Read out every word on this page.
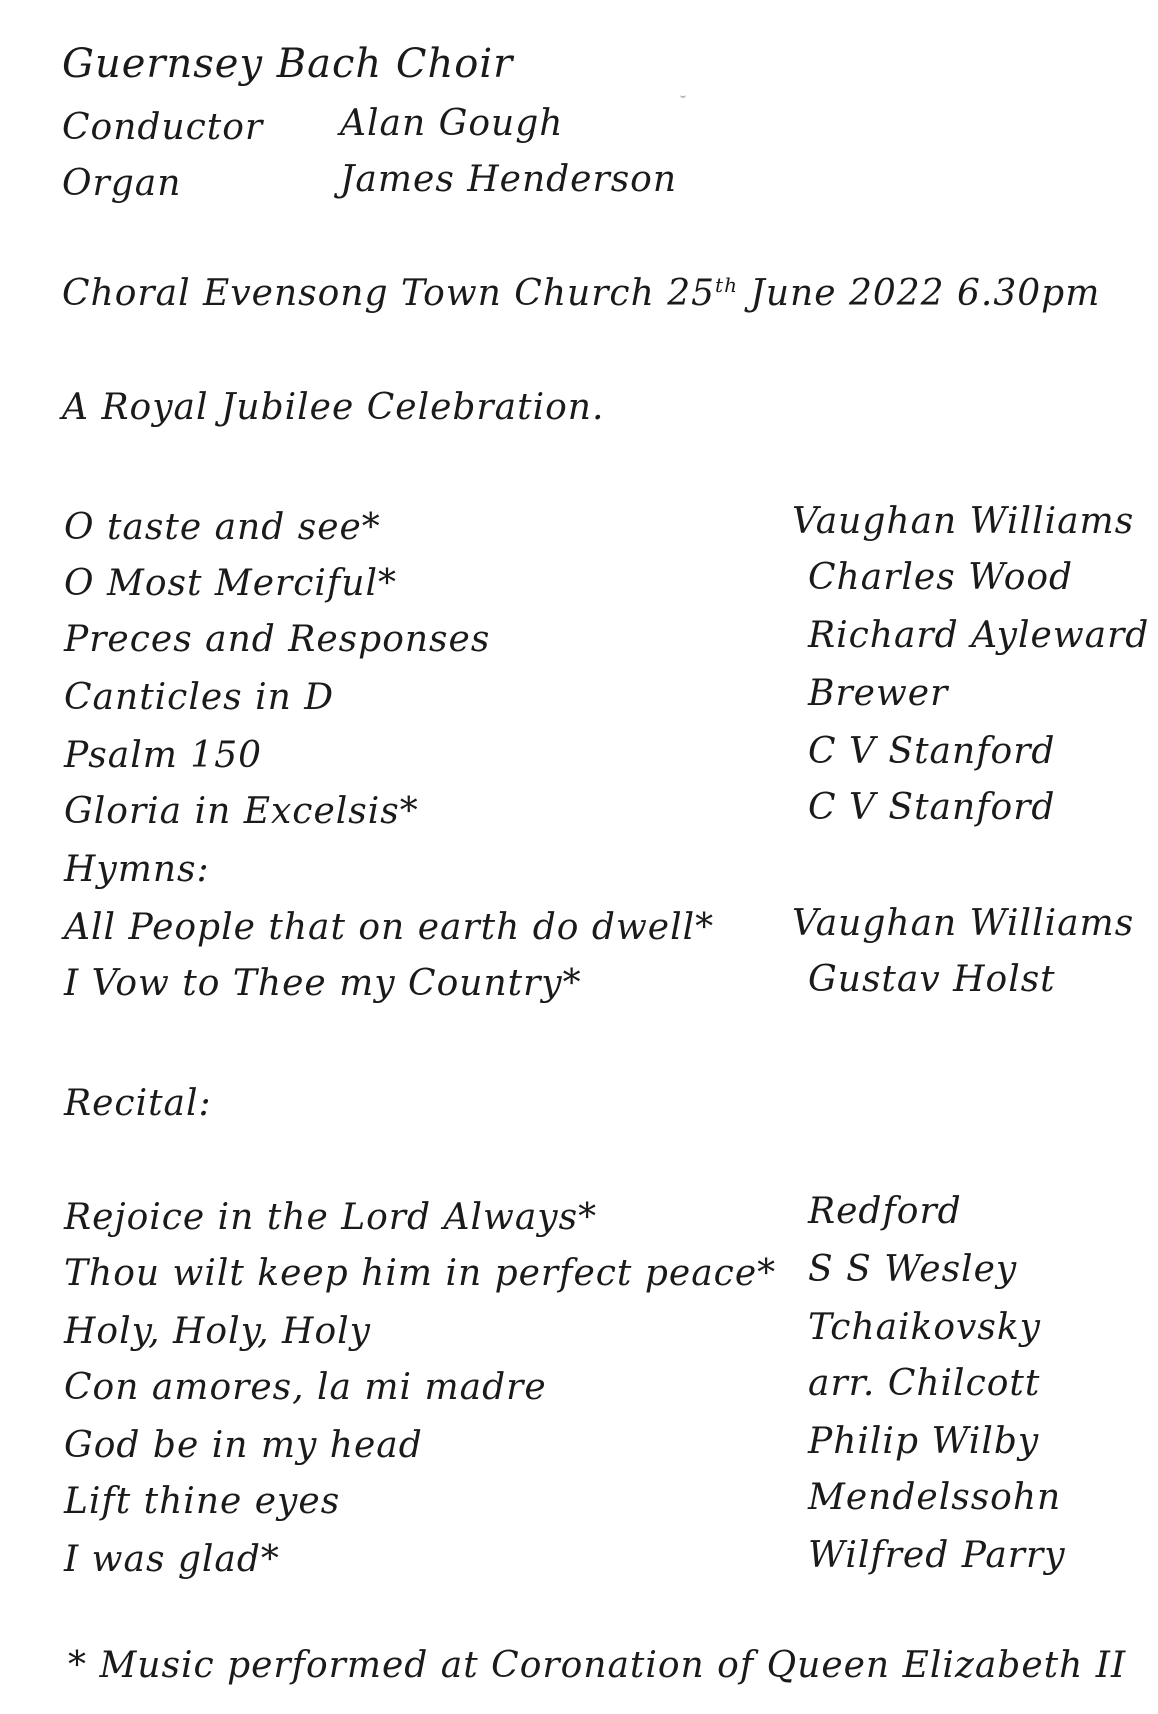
Guernsey Bach Choir
Conductor Alan Gough
Organ	James Henderson
Choral Evensong Town Church 25th June 2022 6.30pm
A Royal Jubilee Celebration.
O taste and see*	Vaughan Williams
O Most Merciful*	Charles Wood
Preces and Responses	Richard Ayleward
Canticles in D	Brewer
Psalm 150	C V Stanford
Gloria in Excelsis*	C V Stanford
Hymns:
All People that on earth do dwell* Vaughan Williams
I Vow to Thee my Country*	Gustav Holst
Recital:
Rejoice in the Lord Always*	Redford
Thou wilt keep him in perfect peace* S S Wesley
Holy, Holy, Holy	Tchaikovsky
Con amores, la mi madre	arr. Chilcott
God be in my head	Philip Wilby
Lift thine eyes	Mendelssohn
I was glad*	Wilfred Parry
* Music performed at Coronation of Queen Elizabeth II
